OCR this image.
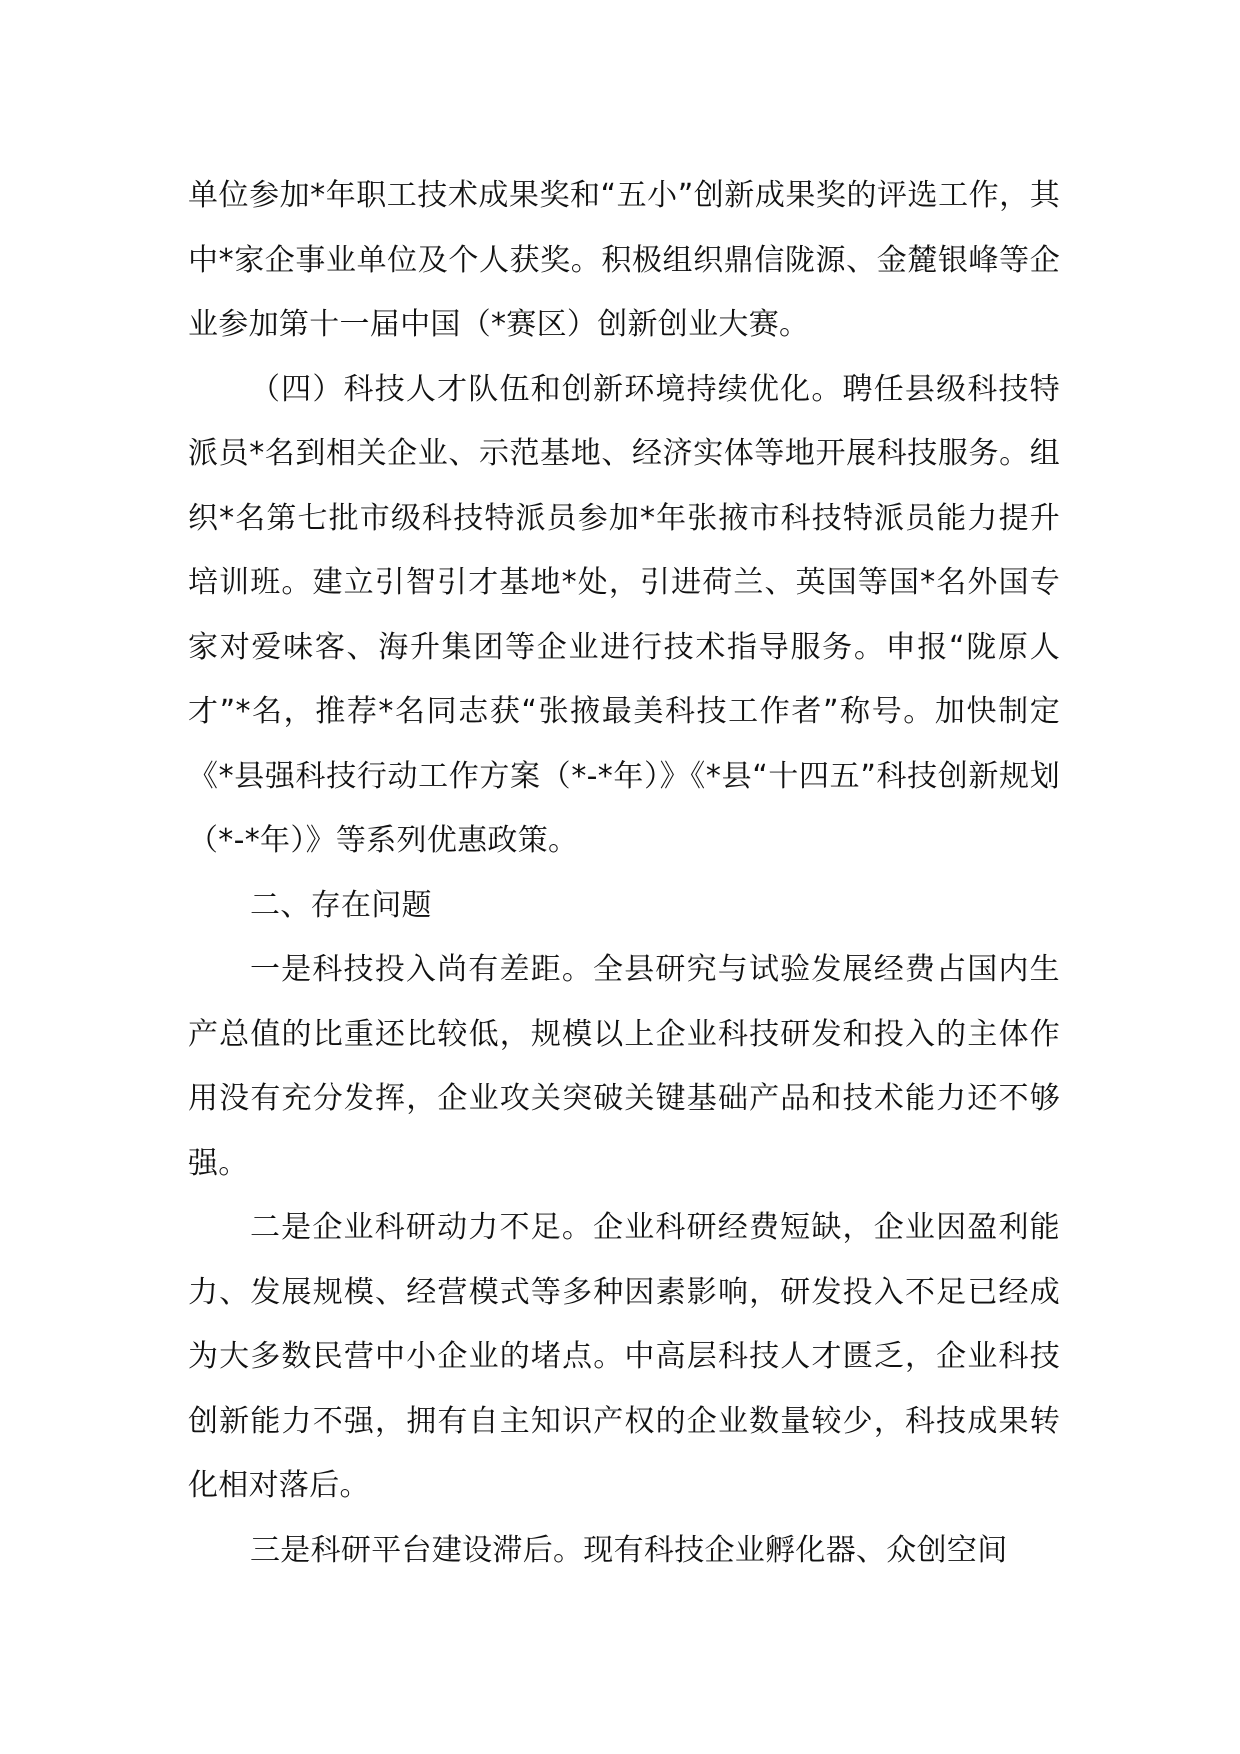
单位参加*年职工技术成果奖和“五小”创新成果奖的评选工作，其中*家企事业单位及个人获奖。积极组织鼎信陇源、金麓银峰等企业参加第十一届中国（*赛区）创新创业大赛。

（四）科技人才队伍和创新环境持续优化。聘任县级科技特派员*名到相关企业、示范基地、经济实体等地开展科技服务。组织*名第七批市级科技特派员参加*年张掖市科技特派员能力提升培训班。建立引智引才基地*处，引进荷兰、英国等国*名外国专家对爱味客、海升集团等企业进行技术指导服务。申报“陇原人才”*名，推荐*名同志获“张掖最美科技工作者”称号。加快制定《*县强科技行动工作方案（*-*年）》《*县“十四五”科技创新规划（*-*年）》等系列优惠政策。

二、存在问题

一是科技投入尚有差距。全县研究与试验发展经费占国内生产总值的比重还比较低，规模以上企业科技研发和投入的主体作用没有充分发挥，企业攻关突破关键基础产品和技术能力还不够强。

二是企业科研动力不足。企业科研经费短缺，企业因盈利能力、发展规模、经营模式等多种因素影响，研发投入不足已经成为大多数民营中小企业的堵点。中高层科技人才匮乏，企业科技创新能力不强，拥有自主知识产权的企业数量较少，科技成果转化相对落后。

三是科研平台建设滞后。现有科技企业孵化器、众创空间
